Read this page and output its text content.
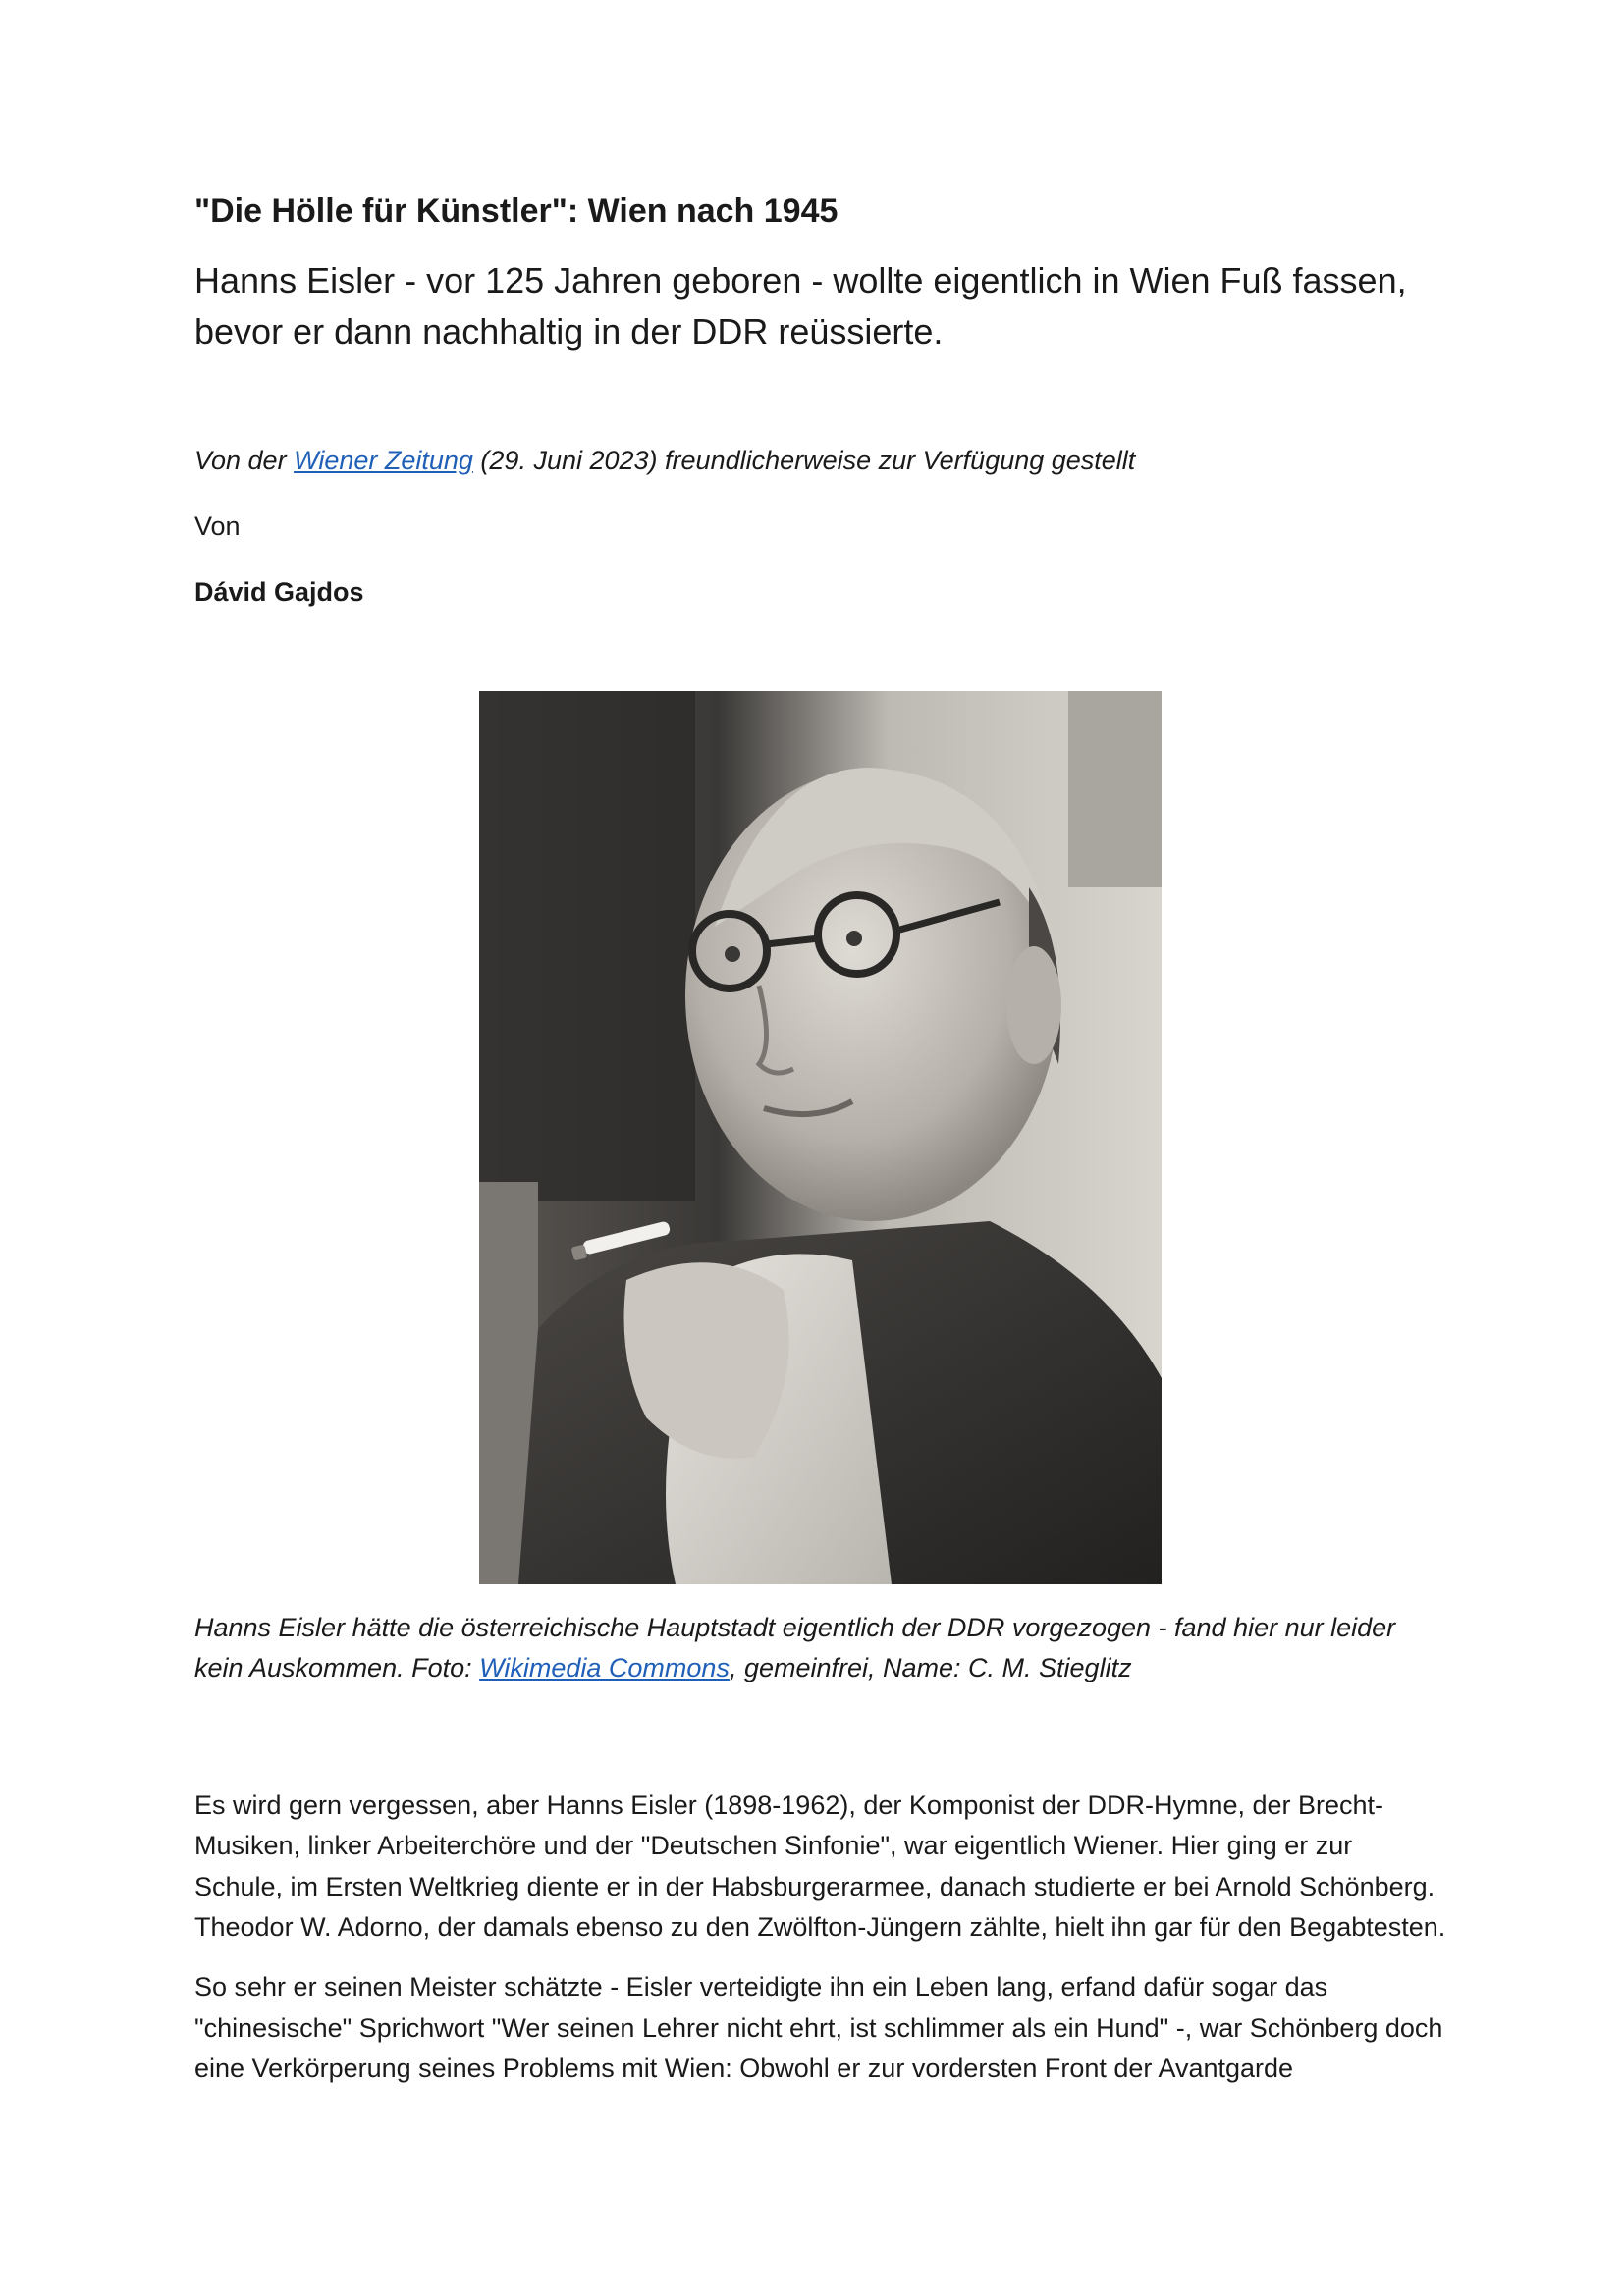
"Die Hölle für Künstler": Wien nach 1945
Hanns Eisler - vor 125 Jahren geboren - wollte eigentlich in Wien Fuß fassen, bevor er dann nachhaltig in der DDR reüssierte.

Von der Wiener Zeitung (29. Juni 2023) freundlicherweise zur Verfügung gestellt

Von

Dávid Gajdos

Hanns Eisler hätte die österreichische Hauptstadt eigentlich der DDR vorgezogen - fand hier nur leider kein Auskommen. Foto: Wikimedia Commons, gemeinfrei, Name: C. M. Stieglitz

Es wird gern vergessen, aber Hanns Eisler (1898-1962), der Komponist der DDR-Hymne, der Brecht-Musiken, linker Arbeiterchöre und der "Deutschen Sinfonie", war eigentlich Wiener. Hier ging er zur Schule, im Ersten Weltkrieg diente er in der Habsburgerarmee, danach studierte er bei Arnold Schönberg. Theodor W. Adorno, der damals ebenso zu den Zwölfton-Jüngern zählte, hielt ihn gar für den Begabtesten.

So sehr er seinen Meister schätzte - Eisler verteidigte ihn ein Leben lang, erfand dafür sogar das "chinesische" Sprichwort "Wer seinen Lehrer nicht ehrt, ist schlimmer als ein Hund" -, war Schönberg doch eine Verkörperung seines Problems mit Wien: Obwohl er zur vordersten Front der Avantgarde
